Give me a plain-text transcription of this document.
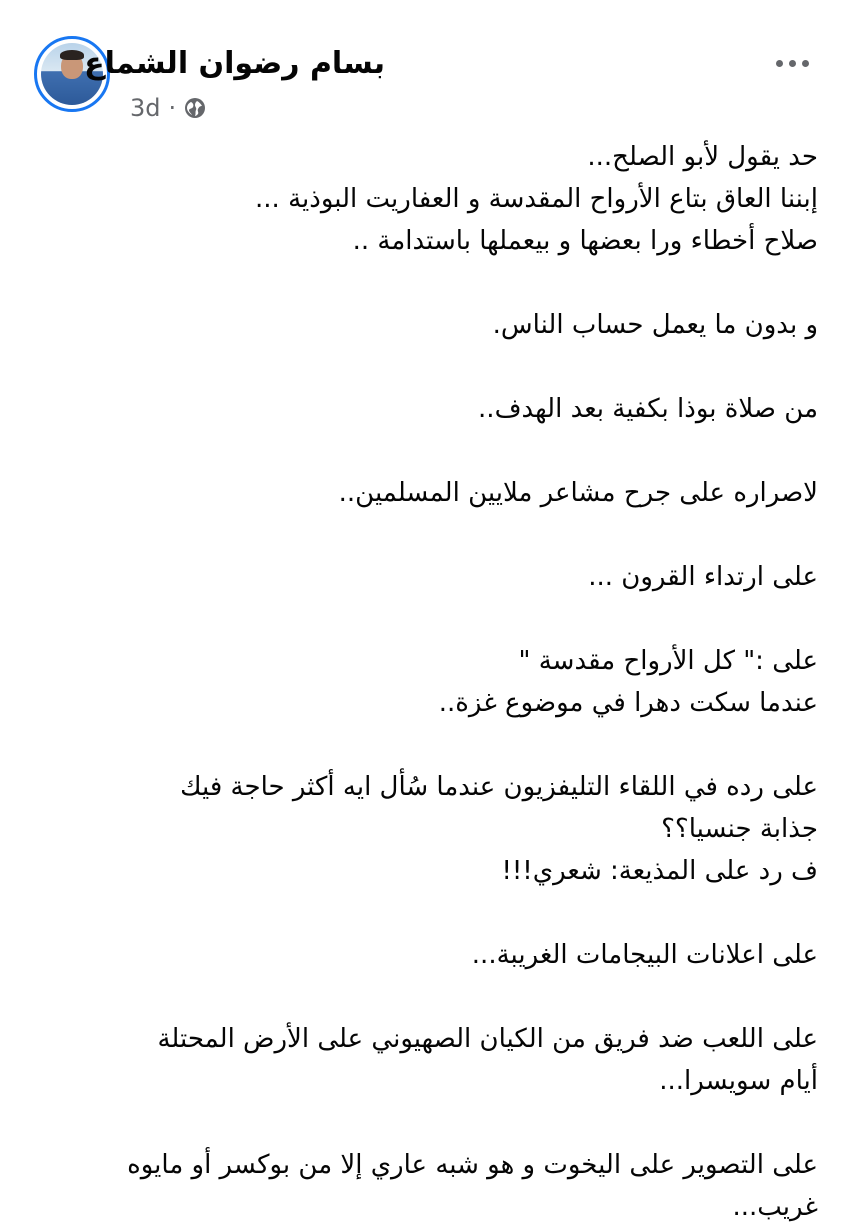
بسام رضوان الشماع
3d ·
حد يقول لأبو الصلح...
إبننا العاق بتاع الأرواح المقدسة و العفاريت البوذية ...
صلاح أخطاء ورا بعضها و بيعملها باستدامة ..
و بدون ما يعمل حساب الناس.
من صلاة بوذا بكفية بعد الهدف..
لاصراره على جرح مشاعر ملايين المسلمين..
على ارتداء القرون ...
على :" كل الأرواح مقدسة "
عندما سكت دهرا في موضوع غزة..
على رده في اللقاء التليفزيون عندما سُأل ايه أكثر حاجة فيك
جذابة جنسيا؟؟
ف رد على المذيعة: شعري!!!
على اعلانات البيجامات الغريبة...
على اللعب ضد فريق من الكيان الصهيوني على الأرض المحتلة
أيام سويسرا...
على التصوير على اليخوت و هو شبه عاري إلا من بوكسر أو مايوه
غريب...
